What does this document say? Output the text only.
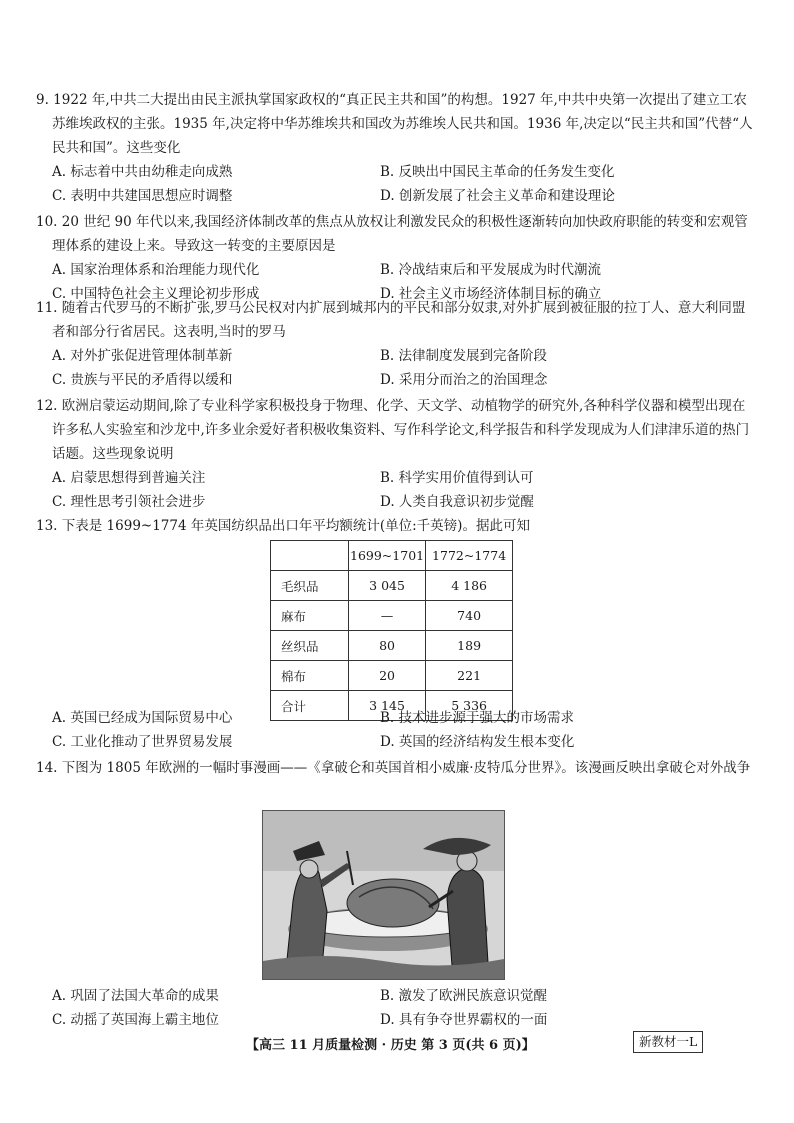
9. 1922 年,中共二大提出由民主派执掌国家政权的“真正民主共和国”的构想。1927 年,中共中央第一次提出了建立工农苏维埃政权的主张。1935 年,决定将中华苏维埃共和国改为苏维埃人民共和国。1936 年,决定以“民主共和国”代替“人民共和国”。这些变化

A. 标志着中共由幼稚走向成熟	B. 反映出中国民主革命的任务发生变化
C. 表明中共建国思想应时调整	D. 创新发展了社会主义革命和建设理论

10. 20 世纪 90 年代以来,我国经济体制改革的焦点从放权让利激发民众的积极性逐渐转向加快政府职能的转变和宏观管理体系的建设上来。导致这一转变的主要原因是

A. 国家治理体系和治理能力现代化	B. 冷战结束后和平发展成为时代潮流
C. 中国特色社会主义理论初步形成	D. 社会主义市场经济体制目标的确立

11. 随着古代罗马的不断扩张,罗马公民权对内扩展到城邦内的平民和部分奴隶,对外扩展到被征服的拉丁人、意大利同盟者和部分行省居民。这表明,当时的罗马

A. 对外扩张促进管理体制革新	B. 法律制度发展到完备阶段
C. 贵族与平民的矛盾得以缓和	D. 采用分而治之的治国理念

12. 欧洲启蒙运动期间,除了专业科学家积极投身于物理、化学、天文学、动植物学的研究外,各种科学仪器和模型出现在许多私人实验室和沙龙中,许多业余爱好者积极收集资料、写作科学论文,科学报告和科学发现成为人们津津乐道的热门话题。这些现象说明

A. 启蒙思想得到普遍关注	B. 科学实用价值得到认可
C. 理性思考引领社会进步	D. 人类自我意识初步觉醒

13. 下表是 1699~1774 年英国纺织品出口年平均额统计(单位:千英镑)。据此可知

	1699~1701	1772~1774
毛织品	3 045	4 186
麻布	—	740
丝织品	80	189
棉布	20	221
合计	3 145	5 336
A. 英国已经成为国际贸易中心	B. 技术进步源于强大的市场需求
C. 工业化推动了世界贸易发展	D. 英国的经济结构发生根本变化

14. 下图为 1805 年欧洲的一幅时事漫画——《拿破仑和英国首相小威廉·皮特瓜分世界》。该漫画反映出拿破仑对外战争

A. 巩固了法国大革命的成果	B. 激发了欧洲民族意识觉醒
C. 动摇了英国海上霸主地位	D. 具有争夺世界霸权的一面
【高三 11 月质量检测 · 历史 第 3 页(共 6 页)】	新教材一L
